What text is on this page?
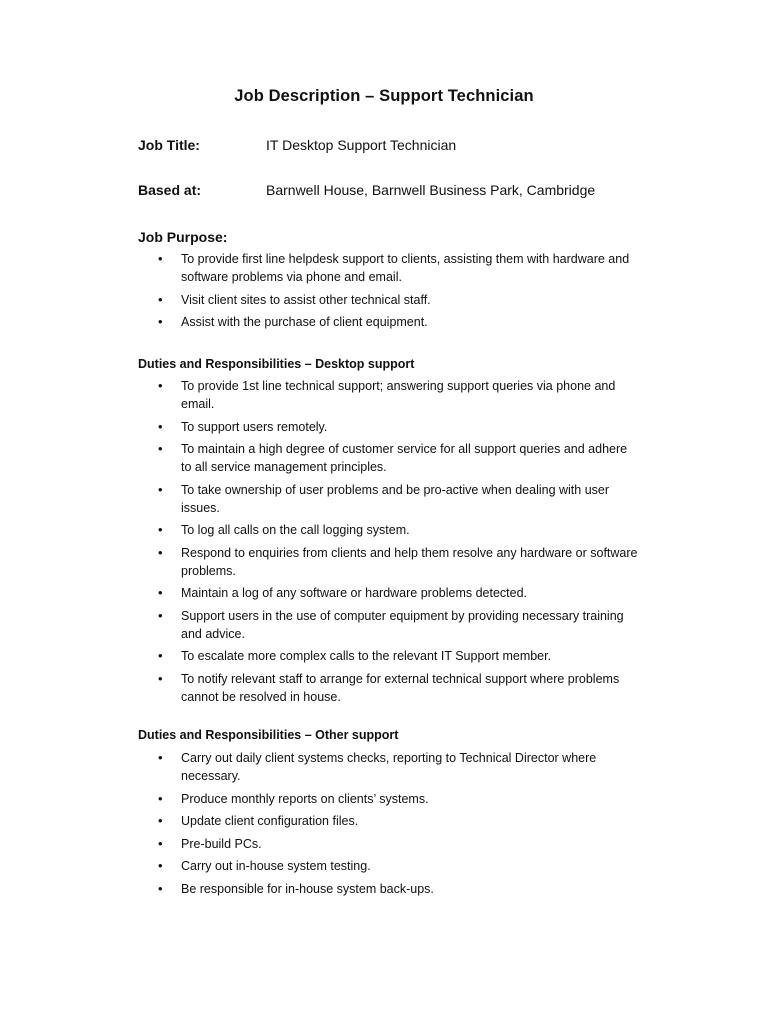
Job Description – Support Technician
Job Title:	IT Desktop Support Technician
Based at:	Barnwell House, Barnwell Business Park, Cambridge
Job Purpose:
• To provide first line helpdesk support to clients, assisting them with hardware and software problems via phone and email.
• Visit client sites to assist other technical staff.
• Assist with the purchase of client equipment.
Duties and Responsibilities – Desktop support
• To provide 1st line technical support; answering support queries via phone and email.
• To support users remotely.
• To maintain a high degree of customer service for all support queries and adhere to all service management principles.
• To take ownership of user problems and be pro-active when dealing with user issues.
• To log all calls on the call logging system.
• Respond to enquiries from clients and help them resolve any hardware or software problems.
• Maintain a log of any software or hardware problems detected.
• Support users in the use of computer equipment by providing necessary training and advice.
• To escalate more complex calls to the relevant IT Support member.
• To notify relevant staff to arrange for external technical support where problems cannot be resolved in house.
Duties and Responsibilities – Other support
• Carry out daily client systems checks, reporting to Technical Director where necessary.
• Produce monthly reports on clients’ systems.
• Update client configuration files.
• Pre-build PCs.
• Carry out in-house system testing.
• Be responsible for in-house system back-ups.
